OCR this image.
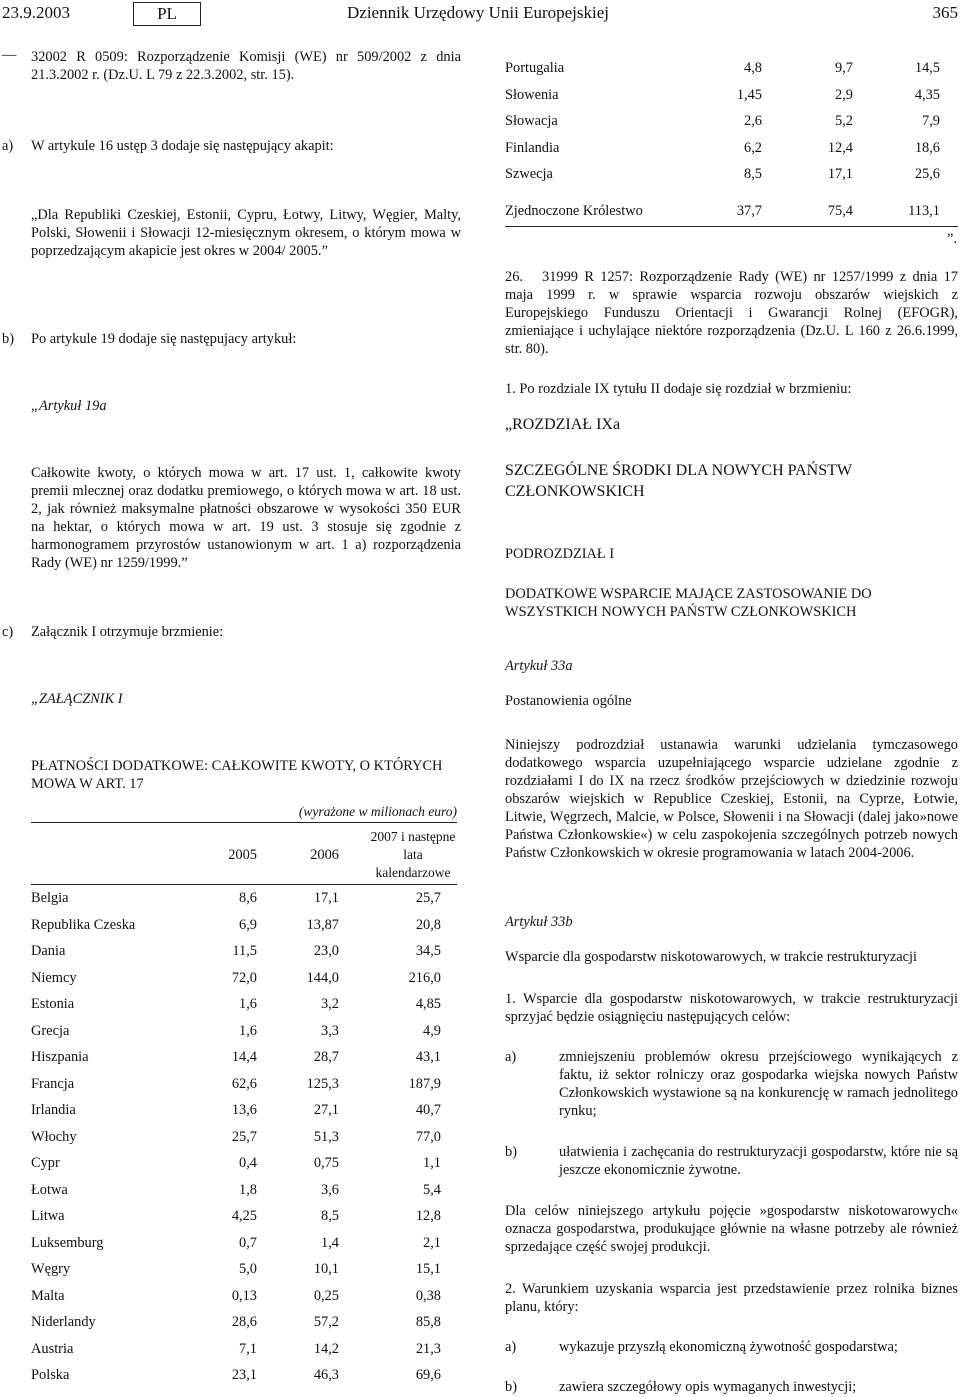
23.9.2003	PL	Dziennik Urzędowy Unii Europejskiej	365
— 32002 R 0509: Rozporządzenie Komisji (WE) nr 509/2002 z dnia 21.3.2002 r. (Dz.U. L 79 z 22.3.2002, str. 15).
a) W artykule 16 ustęp 3 dodaje się następujący akapit:
„Dla Republiki Czeskiej, Estonii, Cypru, Łotwy, Litwy, Węgier, Malty, Polski, Słowenii i Słowacji 12-miesięcznym okresem, o którym mowa w poprzedzającym akapicie jest okres w 2004/ 2005.”
b) Po artykule 19 dodaje się następujacy artykuł:
„Artykuł 19a
Całkowite kwoty, o których mowa w art. 17 ust. 1, całkowite kwoty premii mlecznej oraz dodatku premiowego, o których mowa w art. 18 ust. 2, jak również maksymalne płatności obszarowe w wysokości 350 EUR na hektar, o których mowa w art. 19 ust. 3 stosuje się zgodnie z harmonogramem przyrostów ustanowionym w art. 1 a) rozporządzenia Rady (WE) nr 1259/1999.”
c) Załącznik I otrzymuje brzmienie:
„ZAŁĄCZNIK I
PŁATNOŚCI DODATKOWE: CAŁKOWITE KWOTY, O KTÓRYCH MOWA W ART. 17
(wyrażone w milionach euro)
2005	2006
2007 i następne lata kalendarzowe
Belgia	8,6	17,1	25,7
Republika Czeska	6,9	13,87	20,8
Dania	11,5	23,0	34,5
Niemcy	72,0	144,0	216,0
Estonia	1,6	3,2	4,85
Grecja	1,6	3,3	4,9
Hiszpania	14,4	28,7	43,1
Francja	62,6	125,3	187,9
Irlandia	13,6	27,1	40,7
Włochy	25,7	51,3	77,0
Cypr	0,4	0,75	1,1
Łotwa	1,8	3,6	5,4
Litwa	4,25	8,5	12,8
Luksemburg	0,7	1,4	2,1
Węgry	5,0	10,1	15,1
Malta	0,13	0,25	0,38
Niderlandy	28,6	57,2	85,8
Austria	7,1	14,2	21,3
Polska	23,1	46,3	69,6
Portugalia	4,8	9,7	14,5
Słowenia	1,45	2,9	4,35
Słowacja	2,6	5,2	7,9
Finlandia	6,2	12,4	18,6
Szwecja	8,5	17,1	25,6
Zjednoczone Królestwo	37,7	75,4	113,1
”.
26.	31999 R 1257: Rozporządzenie Rady (WE) nr 1257/1999 z dnia 17 maja 1999 r. w sprawie wsparcia rozwoju obszarów wiejskich z Europejskiego Funduszu Orientacji i Gwarancji Rolnej (EFOGR), zmieniające i uchylające niektóre rozporządzenia (Dz.U. L 160 z 26.6.1999, str. 80).
1. Po rozdziale IX tytułu II dodaje się rozdział w brzmieniu:
„ROZDZIAŁ IXa
SZCZEGÓLNE ŚRODKI DLA NOWYCH PAŃSTW CZŁONKOWSKICH
PODROZDZIAŁ I
DODATKOWE WSPARCIE MAJĄCE ZASTOSOWANIE DO WSZYSTKICH NOWYCH PAŃSTW CZŁONKOWSKICH
Artykuł 33a
Postanowienia ogólne
Niniejszy podrozdział ustanawia warunki udzielania tymczasowego dodatkowego wsparcia uzupełniającego wsparcie udzielane zgodnie z rozdziałami I do IX na rzecz środków przejściowych w dziedzinie rozwoju obszarów wiejskich w Republice Czeskiej, Estonii, na Cyprze, Łotwie, Litwie, Węgrzech, Malcie, w Polsce, Słowenii i na Słowacji (dalej jako»nowe Państwa Członkowskie«) w celu zaspokojenia szczególnych potrzeb nowych Państw Członkowskich w okresie programowania w latach 2004-2006.
Artykuł 33b
Wsparcie dla gospodarstw niskotowarowych, w trakcie restrukturyzacji
1. Wsparcie dla gospodarstw niskotowarowych, w trakcie restrukturyzacji sprzyjać będzie osiągnięciu następujących celów:
a)	zmniejszeniu problemów okresu przejściowego wynikających z faktu, iż sektor rolniczy oraz gospodarka wiejska nowych Państw Członkowskich wystawione są na konkurencję w ramach jednolitego rynku;
b)	ułatwienia i zachęcania do restrukturyzacji gospodarstw, które nie są jeszcze ekonomicznie żywotne.
Dla celów niniejszego artykułu pojęcie »gospodarstw niskotowarowych« oznacza gospodarstwa, produkujące głównie na własne potrzeby ale również sprzedające część swojej produkcji.
2. Warunkiem uzyskania wsparcia jest przedstawienie przez rolnika biznes planu, który:
a)	wykazuje przyszłą ekonomiczną żywotność gospodarstwa;
b)	zawiera szczegółowy opis wymaganych inwestycji;
